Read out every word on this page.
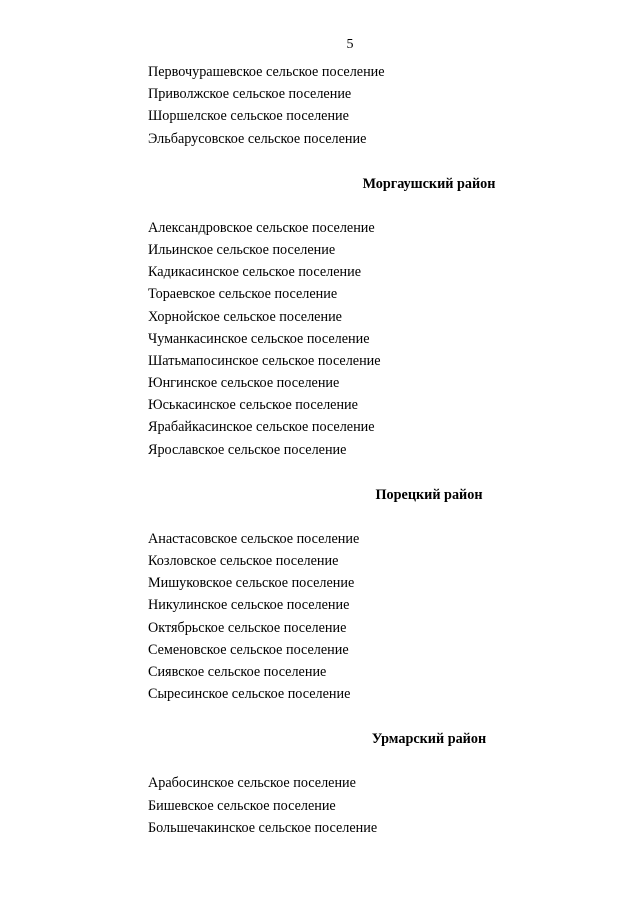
5
Первочурашевское сельское поселение
Приволжское сельское поселение
Шоршелское сельское поселение
Эльбарусовское сельское поселение
Моргаушский район
Александровское сельское поселение
Ильинское сельское поселение
Кадикасинское сельское поселение
Тораевское сельское поселение
Хорнойское сельское поселение
Чуманкасинское сельское поселение
Шатьмапосинское сельское поселение
Юнгинское сельское поселение
Юськасинское сельское поселение
Ярабайкасинское сельское поселение
Ярославское сельское поселение
Порецкий район
Анастасовское сельское поселение
Козловское сельское поселение
Мишуковское сельское поселение
Никулинское сельское поселение
Октябрьское сельское поселение
Семеновское сельское поселение
Сиявское сельское поселение
Сыресинское сельское поселение
Урмарский район
Арабосинское сельское поселение
Бишевское сельское поселение
Большечакинское сельское поселение
